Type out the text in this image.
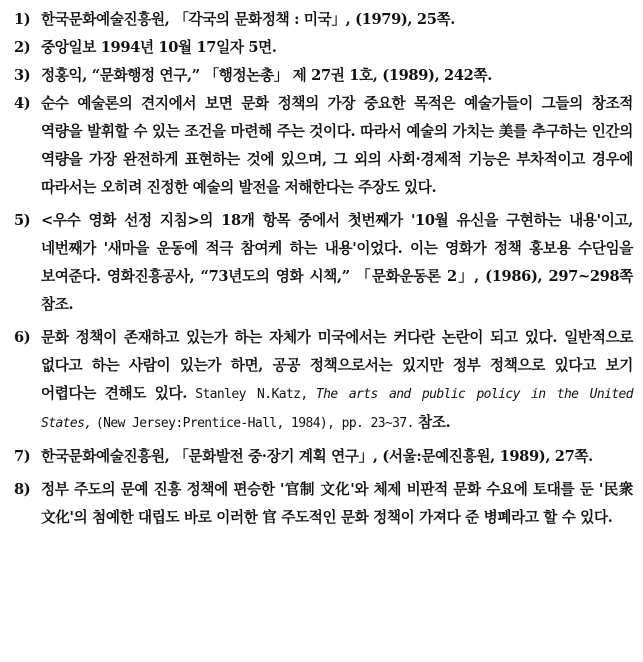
1) 한국문화예술진흥원, 「각국의 문화정책 : 미국」, (1979), 25쪽.
2) 중앙일보 1994년 10월 17일자 5면.
3) 정홍익, “문화행정 연구,” 「행정논총」 제 27권 1호, (1989), 242쪽.
4) 순수 예술론의 견지에서 보면 문화 정책의 가장 중요한 목적은 예술가들이 그들의 창조적 역량을 발휘할 수 있는 조건을 마련해 주는 것이다. 따라서 예술의 가치는 美를 추구하는 인간의 역량을 가장 완전하게 표현하는 것에 있으며, 그 외의 사회·경제적 기능은 부차적이고 경우에 따라서는 오히려 진정한 예술의 발전을 저해한다는 주장도 있다.
5) <우수 영화 선정 지침>의 18개 항목 중에서 첫번째가 '10월 유신을 구현하는 내용'이고, 네번째가 '새마을 운동에 적극 참여케 하는 내용'이었다. 이는 영화가 정책 홍보용 수단임을 보여준다. 영화진흥공사, “73년도의 영화 시책,” 「문화운동론 2」, (1986), 297~298쪽 참조.
6) 문화 정책이 존재하고 있는가 하는 자체가 미국에서는 커다란 논란이 되고 있다. 일반적으로 없다고 하는 사람이 있는가 하면, 공공 정책으로서는 있지만 정부 정책으로 있다고 보기 어렵다는 견해도 있다. Stanley N.Katz, The arts and public policy in the United States, (New Jersey:Prentice-Hall, 1984), pp. 23~37. 참조.
7) 한국문화예술진흥원, 「문화발전 중·장기 계획 연구」, (서울:문예진흥원, 1989), 27쪽.
8) 정부 주도의 문예 진흥 정책에 편승한 '官制 文化'와 체제 비판적 문화 수요에 토대를 둔 '民衆 文化'의 첨예한 대립도 바로 이러한 官 주도적인 문화 정책이 가져다 준 병폐라고 할 수 있다.
